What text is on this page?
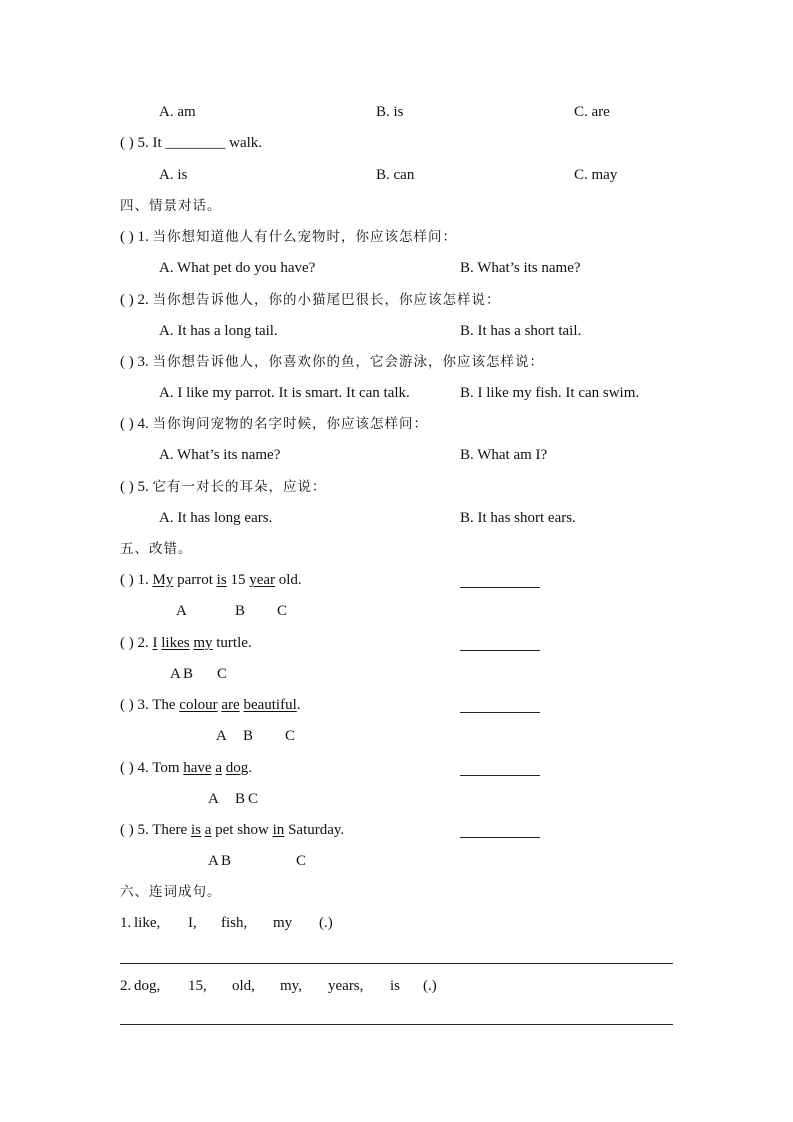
A. am	B. is	C. are
( ) 5. It ________ walk.
A. is	B. can	C. may
四、情景对话。
( ) 1. 当你想知道他人有什么宠物时，你应该怎样问：
A. What pet do you have?	B. What’s its name?
( ) 2. 当你想告诉他人，你的小猫尾巴很长，你应该怎样说：
A. It has a long tail.	B. It has a short tail.
( ) 3. 当你想告诉他人，你喜欢你的鱼，它会游泳，你应该怎样说：
A. I like my parrot. It is smart. It can talk.	B. I like my fish. It can swim.
( ) 4. 当你询问宠物的名字时候，你应该怎样问：
A. What’s its name?	B. What am I?
( ) 5. 它有一对长的耳朵，应说：
A. It has long ears.	B. It has short ears.
五、改错。
( ) 1. My parrot is 15 year old.
A	B C
( ) 2. I likes my turtle.
A B C
( ) 3. The colour are beautiful.
A B C
( ) 4. Tom have a dog.
A B C
( ) 5. There is a pet show in Saturday.
A B	C
六、连词成句。
1. like, I, fish, my (.)
2. dog, 15, old, my, years, is (.)
